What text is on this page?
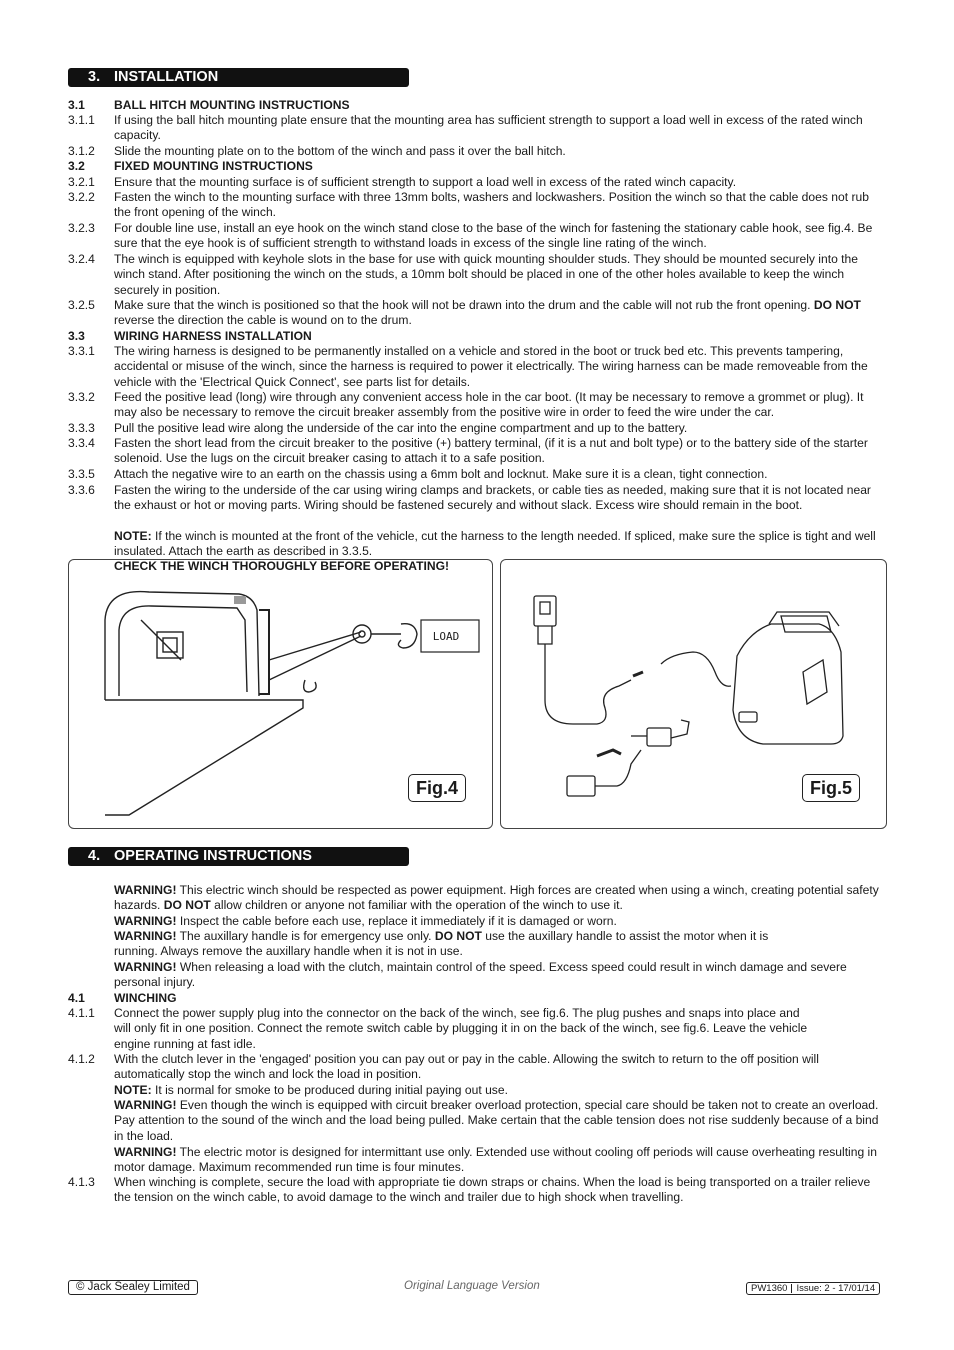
3. INSTALLATION
3.1 BALL HITCH MOUNTING INSTRUCTIONS
3.1.1 If using the ball hitch mounting plate ensure that the mounting area has sufficient strength to support a load well in excess of the rated winch capacity.
3.1.2 Slide the mounting plate on to the bottom of the winch and pass it over the ball hitch.
3.2 FIXED MOUNTING INSTRUCTIONS
3.2.1 Ensure that the mounting surface is of sufficient strength to support a load well in excess of the rated winch capacity.
3.2.2 Fasten the winch to the mounting surface with three 13mm bolts, washers and lockwashers. Position the winch so that the cable does not rub the front opening of the winch.
3.2.3 For double line use, install an eye hook on the winch stand close to the base of the winch for fastening the stationary cable hook, see fig.4. Be sure that the eye hook is of sufficient strength to withstand loads in excess of the single line rating of the winch.
3.2.4 The winch is equipped with keyhole slots in the base for use with quick mounting shoulder studs. They should be mounted securely into the winch stand. After positioning the winch on the studs, a 10mm bolt should be placed in one of the other holes available to keep the winch securely in position.
3.2.5 Make sure that the winch is positioned so that the hook will not be drawn into the drum and the cable will not rub the front opening. DO NOT reverse the direction the cable is wound on to the drum.
3.3 WIRING HARNESS INSTALLATION
3.3.1 The wiring harness is designed to be permanently installed on a vehicle and stored in the boot or truck bed etc. This prevents tampering, accidental or misuse of the winch, since the harness is required to power it electrically. The wiring harness can be made removeable from the vehicle with the 'Electrical Quick Connect', see parts list for details.
3.3.2 Feed the positive lead (long) wire through any convenient access hole in the car boot. (It may be necessary to remove a grommet or plug). It may also be necessary to remove the circuit breaker assembly from the positive wire in order to feed the wire under the car.
3.3.3 Pull the positive lead wire along the underside of the car into the engine compartment and up to the battery.
3.3.4 Fasten the short lead from the circuit breaker to the positive (+) battery terminal, (if it is a nut and bolt type) or to the battery side of the starter solenoid. Use the lugs on the circuit breaker casing to attach it to a safe position.
3.3.5 Attach the negative wire to an earth on the chassis using a 6mm bolt and locknut. Make sure it is a clean, tight connection.
3.3.6 Fasten the wiring to the underside of the car using wiring clamps and brackets, or cable ties as needed, making sure that it is not located near the exhaust or hot or moving parts. Wiring should be fastened securely and without slack. Excess wire should remain in the boot.
NOTE: If the winch is mounted at the front of the vehicle, cut the harness to the length needed. If spliced, make sure the splice is tight and well insulated. Attach the earth as described in 3.3.5.
LOAD
Fig.4
CHECK THE WINCH THOROUGHLY BEFORE OPERATING!
Fig.5
4. OPERATING INSTRUCTIONS
WARNING! This electric winch should be respected as power equipment. High forces are created when using a winch, creating potential safety hazards. DO NOT allow children or anyone not familiar with the operation of the winch to use it.
WARNING! Inspect the cable before each use, replace it immediately if it is damaged or worn.
WARNING! The auxillary handle is for emergency use only. DO NOT use the auxillary handle to assist the motor when it is
running. Always remove the auxillary handle when it is not in use.
WARNING! When releasing a load with the clutch, maintain control of the speed. Excess speed could result in winch damage and severe personal injury.
4.1 WINCHING
4.1.1 Connect the power supply plug into the connector on the back of the winch, see fig.6. The plug pushes and snaps into place and
will only fit in one position. Connect the remote switch cable by plugging it in on the back of the winch, see fig.6. Leave the vehicle
engine running at fast idle.
4.1.2 With the clutch lever in the 'engaged' position you can pay out or pay in the cable. Allowing the switch to return to the off position will automatically stop the winch and lock the load in position.
NOTE: It is normal for smoke to be produced during initial paying out use.
WARNING! Even though the winch is equipped with circuit breaker overload protection, special care should be taken not to create an overload. Pay attention to the sound of the winch and the load being pulled. Make certain that the cable tension does not rise suddenly because of a bind in the load.
WARNING! The electric motor is designed for intermittant use only. Extended use without cooling off periods will cause overheating resulting in motor damage. Maximum recommended run time is four minutes.
4.1.3 When winching is complete, secure the load with appropriate tie down straps or chains. When the load is being transported on a trailer relieve the tension on the winch cable, to avoid damage to the winch and trailer due to high shock when travelling.
© Jack Sealey Limited	Original Language Version	PW1360 Issue: 2 - 17/01/14
